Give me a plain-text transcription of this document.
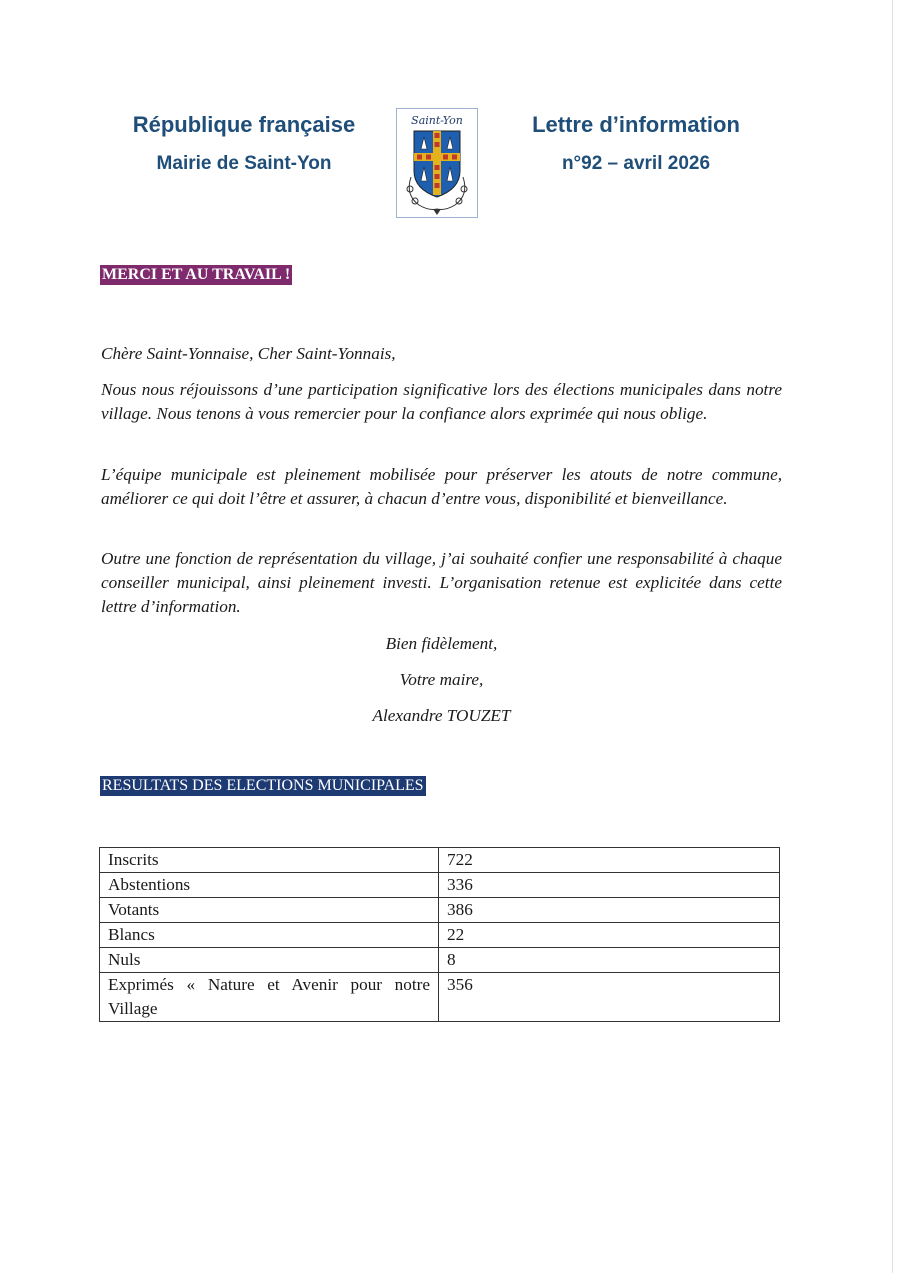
République française
Mairie de Saint-Yon
Saint-Yon	Lettre d’information
n°92 – avril 2026
MERCI ET AU TRAVAIL !

Chère Saint-Yonnaise, Cher Saint-Yonnais,

Nous nous réjouissons d’une participation significative lors des élections municipales dans notre village. Nous tenons à vous remercier pour la confiance alors exprimée qui nous oblige.

L’équipe municipale est pleinement mobilisée pour préserver les atouts de notre commune, améliorer ce qui doit l’être et assurer, à chacun d’entre vous, disponibilité et bienveillance.

Outre une fonction de représentation du village, j’ai souhaité confier une responsabilité à chaque conseiller municipal, ainsi pleinement investi. L’organisation retenue est explicitée dans cette lettre d’information.

Bien fidèlement,

Votre maire,

Alexandre TOUZET

RESULTATS DES ELECTIONS MUNICIPALES
Inscrits	722
Abstentions	336
Votants	386
Blancs	22
Nuls	8
Exprimés « Nature et Avenir pour notre Village	356
